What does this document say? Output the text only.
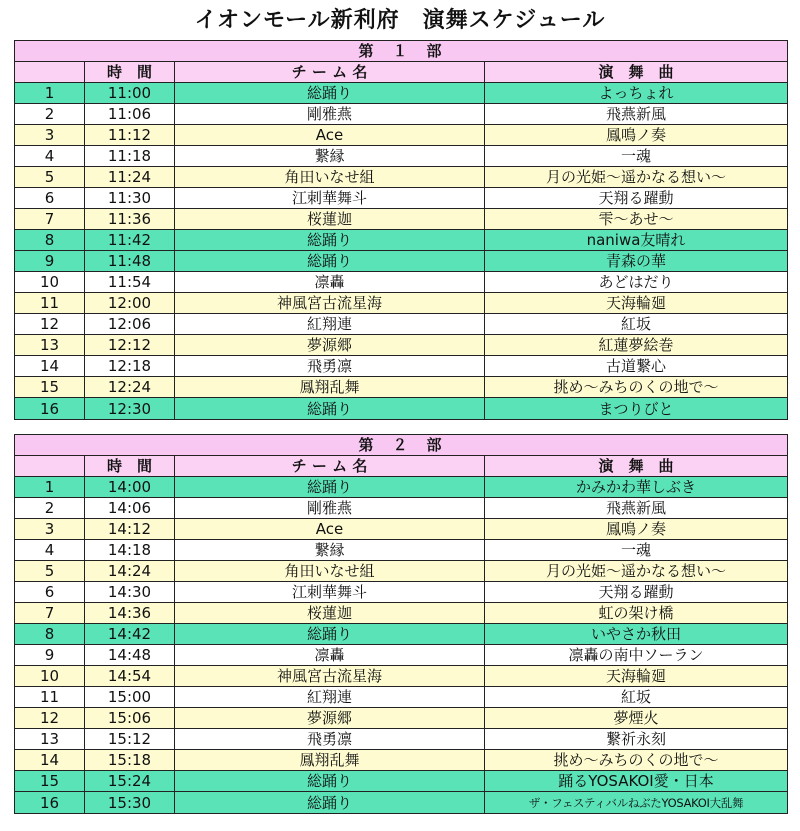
イオンモール新利府　演舞スケジュール
第　１　部			
	時　間	チ ー ム 名	演　舞　曲
1	11:00	総踊り	よっちょれ
2	11:06	剛雅燕	飛燕新風
3	11:12	Ace	鳳鳴ノ奏
4	11:18	繋縁	一魂
5	11:24	角田いなせ組	月の光姫～遥かなる想い～
6	11:30	江刺華舞斗	天翔る躍動
7	11:36	桜蓮迦	雫～あせ～
8	11:42	総踊り	naniwa友晴れ
9	11:48	総踊り	青森の華
10	11:54	凛轟	あどはだり
11	12:00	神風宮古流星海	天海輪廻
12	12:06	紅翔連	紅坂
13	12:12	夢源郷	紅蓮夢絵巻
14	12:18	飛勇凛	古道繋心
15	12:24	鳳翔乱舞	挑め～みちのくの地で～
16	12:30	総踊り	まつりびと
第　２　部			
	時　間	チ ー ム 名	演　舞　曲
1	14:00	総踊り	かみかわ華しぶき
2	14:06	剛雅燕	飛燕新風
3	14:12	Ace	鳳鳴ノ奏
4	14:18	繋縁	一魂
5	14:24	角田いなせ組	月の光姫～遥かなる想い～
6	14:30	江刺華舞斗	天翔る躍動
7	14:36	桜蓮迦	虹の架け橋
8	14:42	総踊り	いやさか秋田
9	14:48	凛轟	凛轟の南中ソーラン
10	14:54	神風宮古流星海	天海輪廻
11	15:00	紅翔連	紅坂
12	15:06	夢源郷	夢煙火
13	15:12	飛勇凛	繋祈永刻
14	15:18	鳳翔乱舞	挑め～みちのくの地で～
15	15:24	総踊り	踊るYOSAKOI愛・日本
16	15:30	総踊り	ザ・フェスティバルねぶたYOSAKOI大乱舞
